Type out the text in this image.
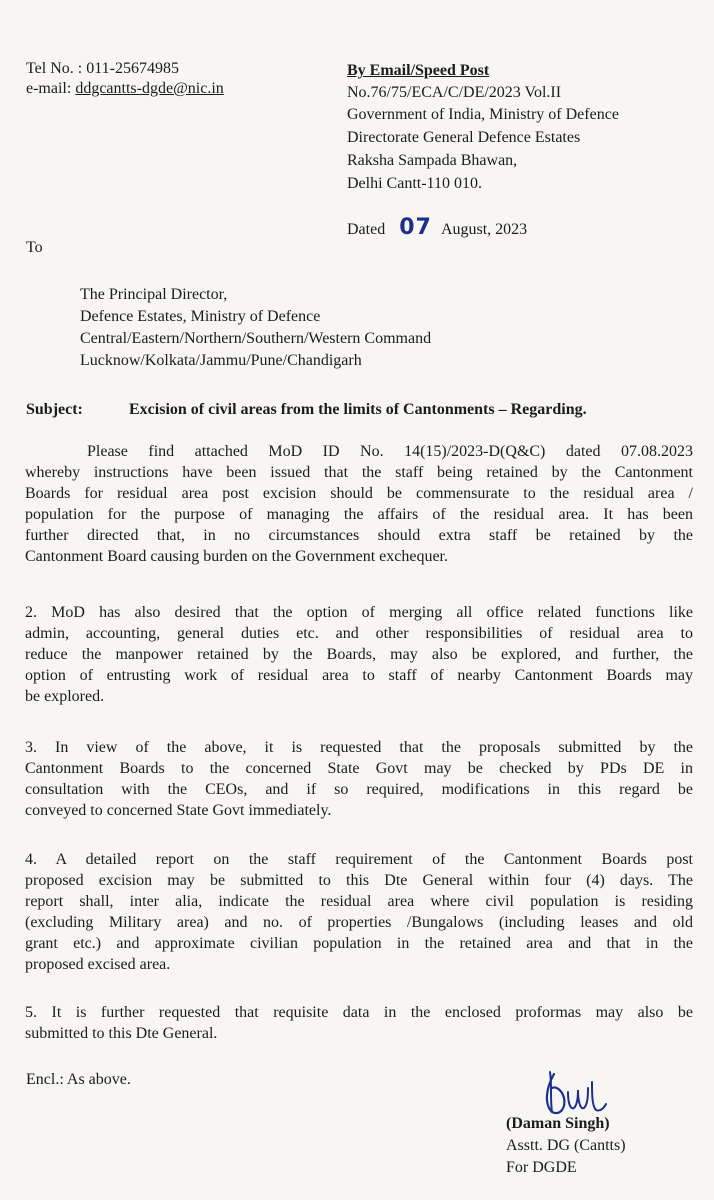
Tel No. : 011-25674985
e-mail: ddgcantts-dgde@nic.in
By Email/Speed Post
No.76/75/ECA/C/DE/2023 Vol.II
Government of India, Ministry of Defence
Directorate General Defence Estates
Raksha Sampada Bhawan,
Delhi Cantt-110 010.
Dated 07 August, 2023
To
The Principal Director,
Defence Estates, Ministry of Defence
Central/Eastern/Northern/Southern/Western Command
Lucknow/Kolkata/Jammu/Pune/Chandigarh
Subject:	Excision of civil areas from the limits of Cantonments – Regarding.
Please find attached MoD ID No. 14(15)/2023-D(Q&C) dated 07.08.2023
whereby instructions have been issued that the staff being retained by the Cantonment
Boards for residual area post excision should be commensurate to the residual area /
population for the purpose of managing the affairs of the residual area. It has been
further directed that, in no circumstances should extra staff be retained by the
Cantonment Board causing burden on the Government exchequer.
2. MoD has also desired that the option of merging all office related functions like
admin, accounting, general duties etc. and other responsibilities of residual area to
reduce the manpower retained by the Boards, may also be explored, and further, the
option of entrusting work of residual area to staff of nearby Cantonment Boards may
be explored.
3. In view of the above, it is requested that the proposals submitted by the
Cantonment Boards to the concerned State Govt may be checked by PDs DE in
consultation with the CEOs, and if so required, modifications in this regard be
conveyed to concerned State Govt immediately.
4. A detailed report on the staff requirement of the Cantonment Boards post
proposed excision may be submitted to this Dte General within four (4) days. The
report shall, inter alia, indicate the residual area where civil population is residing
(excluding Military area) and no. of properties /Bungalows (including leases and old
grant etc.) and approximate civilian population in the retained area and that in the
proposed excised area.
5. It is further requested that requisite data in the enclosed proformas may also be
submitted to this Dte General.
Encl.: As above.
(Daman Singh)
Asstt. DG (Cantts)
For DGDE
